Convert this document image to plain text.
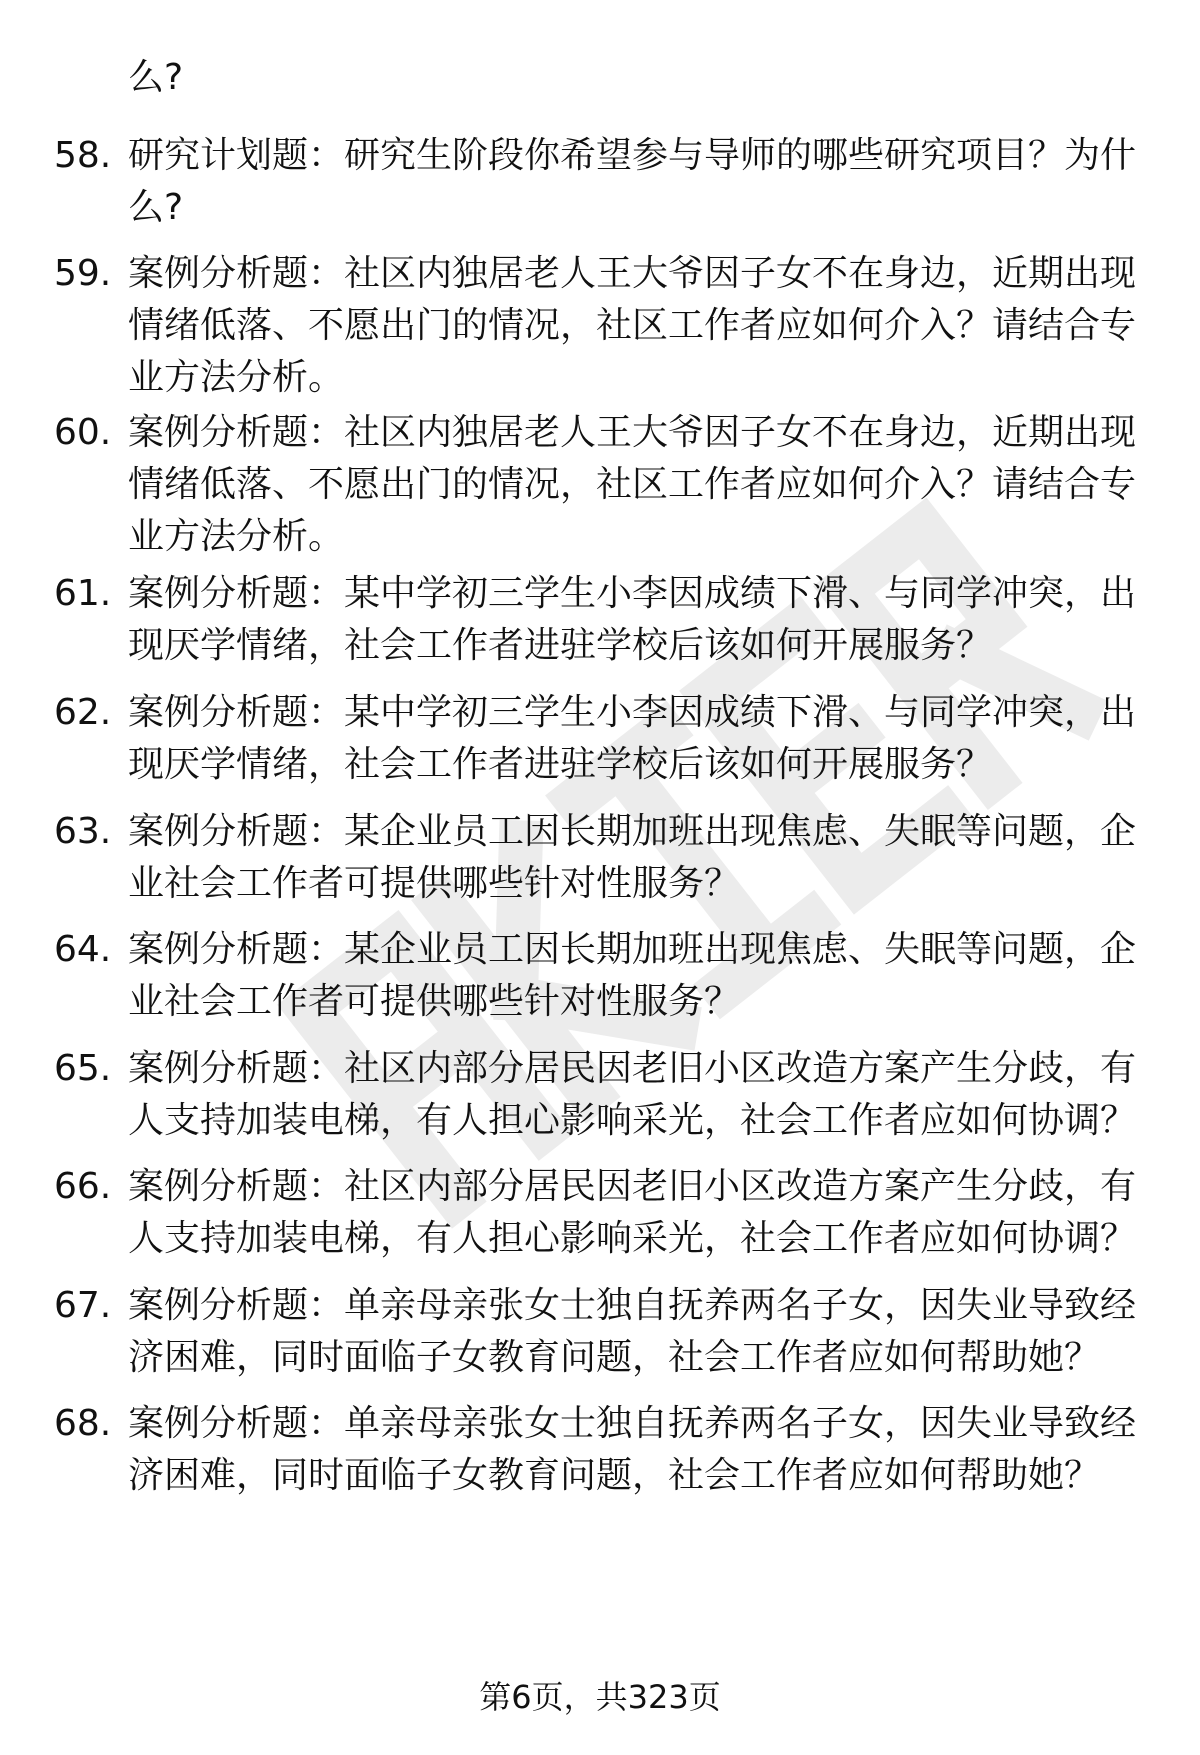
么?
58. 研究计划题：研究生阶段你希望参与导师的哪些研究项目？为什
么?
59. 案例分析题：社区内独居老人王大爷因子女不在身边，近期出现
情绪低落、不愿出门的情况，社区工作者应如何介入？请结合专
业方法分析。
60. 案例分析题：社区内独居老人王大爷因子女不在身边，近期出现
情绪低落、不愿出门的情况，社区工作者应如何介入？请结合专
业方法分析。
61. 案例分析题：某中学初三学生小李因成绩下滑、与同学冲突，出
现厌学情绪，社会工作者进驻学校后该如何开展服务？
62. 案例分析题：某中学初三学生小李因成绩下滑、与同学冲突，出
现厌学情绪，社会工作者进驻学校后该如何开展服务？
63. 案例分析题：某企业员工因长期加班出现焦虑、失眠等问题，企
业社会工作者可提供哪些针对性服务？
64. 案例分析题：某企业员工因长期加班出现焦虑、失眠等问题，企
业社会工作者可提供哪些针对性服务？
65. 案例分析题：社区内部分居民因老旧小区改造方案产生分歧，有
人支持加装电梯，有人担心影响采光，社会工作者应如何协调？
66. 案例分析题：社区内部分居民因老旧小区改造方案产生分歧，有
人支持加装电梯，有人担心影响采光，社会工作者应如何协调？
67. 案例分析题：单亲母亲张女士独自抚养两名子女，因失业导致经
济困难，同时面临子女教育问题，社会工作者应如何帮助她？
68. 案例分析题：单亲母亲张女士独自抚养两名子女，因失业导致经
济困难，同时面临子女教育问题，社会工作者应如何帮助她？
第6页，共323页
